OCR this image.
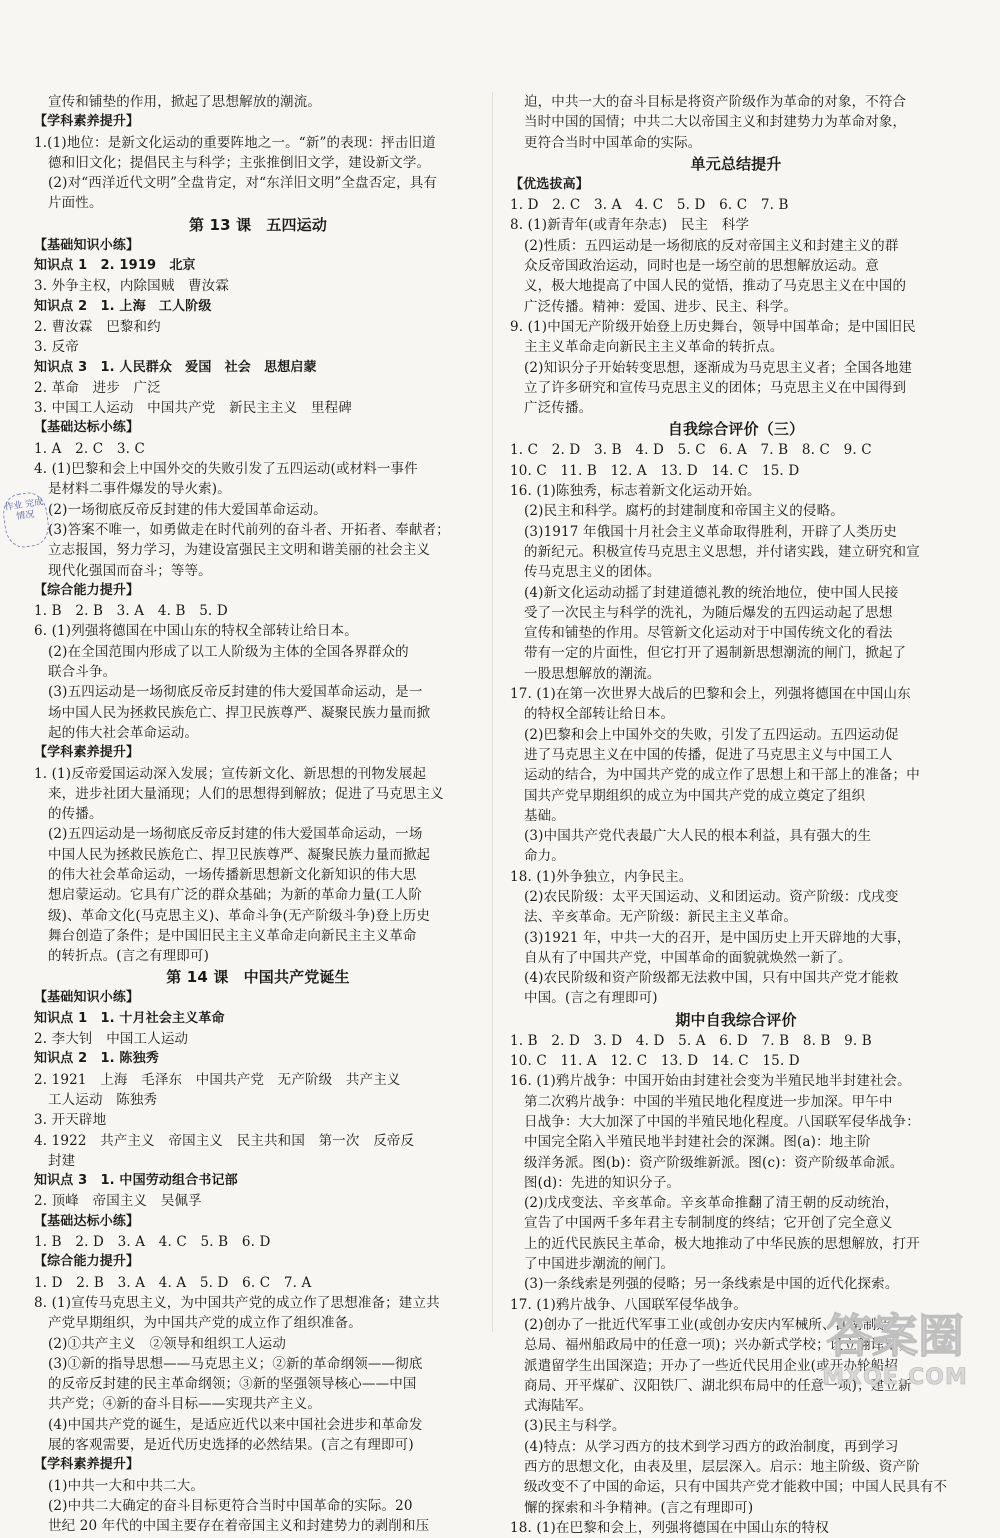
宣传和铺垫的作用，掀起了思想解放的潮流。
【学科素养提升】
1.(1)地位：是新文化运动的重要阵地之一。“新”的表现：抨击旧道
德和旧文化；提倡民主与科学；主张推倒旧文学，建设新文学。
(2)对“西洋近代文明”全盘肯定，对“东洋旧文明”全盘否定，具有
片面性。
第 13 课　五四运动
【基础知识小练】
知识点 1　2. 1919　北京
3. 外争主权，内除国贼　曹汝霖
知识点 2　1. 上海　工人阶级
2. 曹汝霖　巴黎和约
3. 反帝
知识点 3　1. 人民群众　爱国　社会　思想启蒙
2. 革命　进步　广泛
3. 中国工人运动　中国共产党　新民主主义　里程碑
【基础达标小练】
1. A　2. C　3. C
4. (1)巴黎和会上中国外交的失败引发了五四运动(或材料一事件
是材料二事件爆发的导火索)。
(2)一场彻底反帝反封建的伟大爱国革命运动。
(3)答案不唯一，如勇做走在时代前列的奋斗者、开拓者、奉献者；
立志报国，努力学习，为建设富强民主文明和谐美丽的社会主义
现代化强国而奋斗；等等。
【综合能力提升】
1. B　2. B　3. A　4. B　5. D
6. (1)列强将德国在中国山东的特权全部转让给日本。
(2)在全国范围内形成了以工人阶级为主体的全国各界群众的
联合斗争。
(3)五四运动是一场彻底反帝反封建的伟大爱国革命运动，是一
场中国人民为拯救民族危亡、捍卫民族尊严、凝聚民族力量而掀
起的伟大社会革命运动。
【学科素养提升】
1. (1)反帝爱国运动深入发展；宣传新文化、新思想的刊物发展起
来，进步社团大量涌现；人们的思想得到解放；促进了马克思主义
的传播。
(2)五四运动是一场彻底反帝反封建的伟大爱国革命运动，一场
中国人民为拯救民族危亡、捍卫民族尊严、凝聚民族力量而掀起
的伟大社会革命运动，一场传播新思想新文化新知识的伟大思
想启蒙运动。它具有广泛的群众基础；为新的革命力量(工人阶
级)、革命文化(马克思主义)、革命斗争(无产阶级斗争)登上历史
舞台创造了条件；是中国旧民主主义革命走向新民主主义革命
的转折点。(言之有理即可)
第 14 课　中国共产党诞生
【基础知识小练】
知识点 1　1. 十月社会主义革命
2. 李大钊　中国工人运动
知识点 2　1. 陈独秀
2. 1921　上海　毛泽东　中国共产党　无产阶级　共产主义
工人运动　陈独秀
3. 开天辟地
4. 1922　共产主义　帝国主义　民主共和国　第一次　反帝反
封建
知识点 3　1. 中国劳动组合书记部
2. 顶峰　帝国主义　吴佩孚
【基础达标小练】
1. B　2. D　3. A　4. C　5. B　6. D
【综合能力提升】
1. D　2. B　3. A　4. A　5. D　6. C　7. A
8. (1)宣传马克思主义，为中国共产党的成立作了思想准备；建立共
产党早期组织，为中国共产党的成立作了组织准备。
(2)①共产主义　②领导和组织工人运动
(3)①新的指导思想——马克思主义；②新的革命纲领——彻底
的反帝反封建的民主革命纲领；③新的坚强领导核心——中国
共产党；④新的奋斗目标——实现共产主义。
(4)中国共产党的诞生，是适应近代以来中国社会进步和革命发
展的客观需要，是近代历史选择的必然结果。(言之有理即可)
【学科素养提升】
(1)中共一大和中共二大。
(2)中共二大确定的奋斗目标更符合当时中国革命的实际。20
世纪 20 年代的中国主要存在着帝国主义和封建势力的剥削和压
迫，中共一大的奋斗目标是将资产阶级作为革命的对象，不符合
当时中国的国情；中共二大以帝国主义和封建势力为革命对象，
更符合当时中国革命的实际。
单元总结提升
【优选拔高】
1. D　2. C　3. A　4. C　5. D　6. C　7. B
8. (1)新青年(或青年杂志)　民主　科学
(2)性质：五四运动是一场彻底的反对帝国主义和封建主义的群
众反帝国政治运动，同时也是一场空前的思想解放运动。意
义，极大地提高了中国人民的觉悟，推动了马克思主义在中国的
广泛传播。精神：爱国、进步、民主、科学。
9. (1)中国无产阶级开始登上历史舞台，领导中国革命；是中国旧民
主主义革命走向新民主主义革命的转折点。
(2)知识分子开始转变思想，逐渐成为马克思主义者；全国各地建
立了许多研究和宣传马克思主义的团体；马克思主义在中国得到
广泛传播。
自我综合评价（三）
1. C　2. D　3. B　4. D　5. C　6. A　7. B　8. C　9. C
10. C　11. B　12. A　13. D　14. C　15. D
16. (1)陈独秀，标志着新文化运动开始。
(2)民主和科学。腐朽的封建制度和帝国主义的侵略。
(3)1917 年俄国十月社会主义革命取得胜利，开辟了人类历史
的新纪元。积极宣传马克思主义思想，并付诸实践，建立研究和宣
传马克思主义的团体。
(4)新文化运动动摇了封建道德礼教的统治地位，使中国人民接
受了一次民主与科学的洗礼，为随后爆发的五四运动起了思想
宣传和铺垫的作用。尽管新文化运动对于中国传统文化的看法
带有一定的片面性，但它打开了遏制新思想潮流的闸门，掀起了
一股思想解放的潮流。
17. (1)在第一次世界大战后的巴黎和会上，列强将德国在中国山东
的特权全部转让给日本。
(2)巴黎和会上中国外交的失败，引发了五四运动。五四运动促
进了马克思主义在中国的传播，促进了马克思主义与中国工人
运动的结合，为中国共产党的成立作了思想上和干部上的准备；中
国共产党早期组织的成立为中国共产党的成立奠定了组织
基础。
(3)中国共产党代表最广大人民的根本利益，具有强大的生
命力。
18. (1)外争独立，内争民主。
(2)农民阶级：太平天国运动、义和团运动。资产阶级：戊戌变
法、辛亥革命。无产阶级：新民主主义革命。
(3)1921 年，中共一大的召开，是中国历史上开天辟地的大事，
自从有了中国共产党，中国革命的面貌就焕然一新了。
(4)农民阶级和资产阶级都无法救中国，只有中国共产党才能救
中国。(言之有理即可)
期中自我综合评价
1. B　2. D　3. D　4. D　5. A　6. D　7. B　8. B　9. B
10. C　11. A　12. C　13. D　14. C　15. D
16. (1)鸦片战争：中国开始由封建社会变为半殖民地半封建社会。
第二次鸦片战争：中国的半殖民地化程度进一步加深。甲午中
日战争：大大加深了中国的半殖民地化程度。八国联军侵华战争：
中国完全陷入半殖民地半封建社会的深渊。图(a)：地主阶
级洋务派。图(b)：资产阶级维新派。图(c)：资产阶级革命派。
图(d)：先进的知识分子。
(2)戊戌变法、辛亥革命。辛亥革命推翻了清王朝的反动统治，
宣告了中国两千多年君主专制制度的终结；它开创了完全意义
上的近代民族民主革命，极大地推动了中华民族的思想解放，打开
了中国进步潮流的闸门。
(3)一条线索是列强的侵略；另一条线索是中国的近代化探索。
17. (1)鸦片战争、八国联军侵华战争。
(2)创办了一批近代军事工业(或创办安庆内军械所、江南制造
总局、福州船政局中的任意一项)；兴办新式学校；设立翻译馆；
派遣留学生出国深造；开办了一些近代民用企业(或开办轮船招
商局、开平煤矿、汉阳铁厂、湖北织布局中的任意一项)；建立新
式海陆军。
(3)民主与科学。
(4)特点：从学习西方的技术到学习西方的政治制度，再到学习
西方的思想文化，由表及里，层层深入。启示：地主阶级、资产阶
级改变不了中国的命运，只有中国共产党才能救中国；中国人民具有不
懈的探索和斗争精神。(言之有理即可)
18. (1)在巴黎和会上，列强将德国在中国山东的特权
作业 完成情况
答案圈
MXQE.COM
